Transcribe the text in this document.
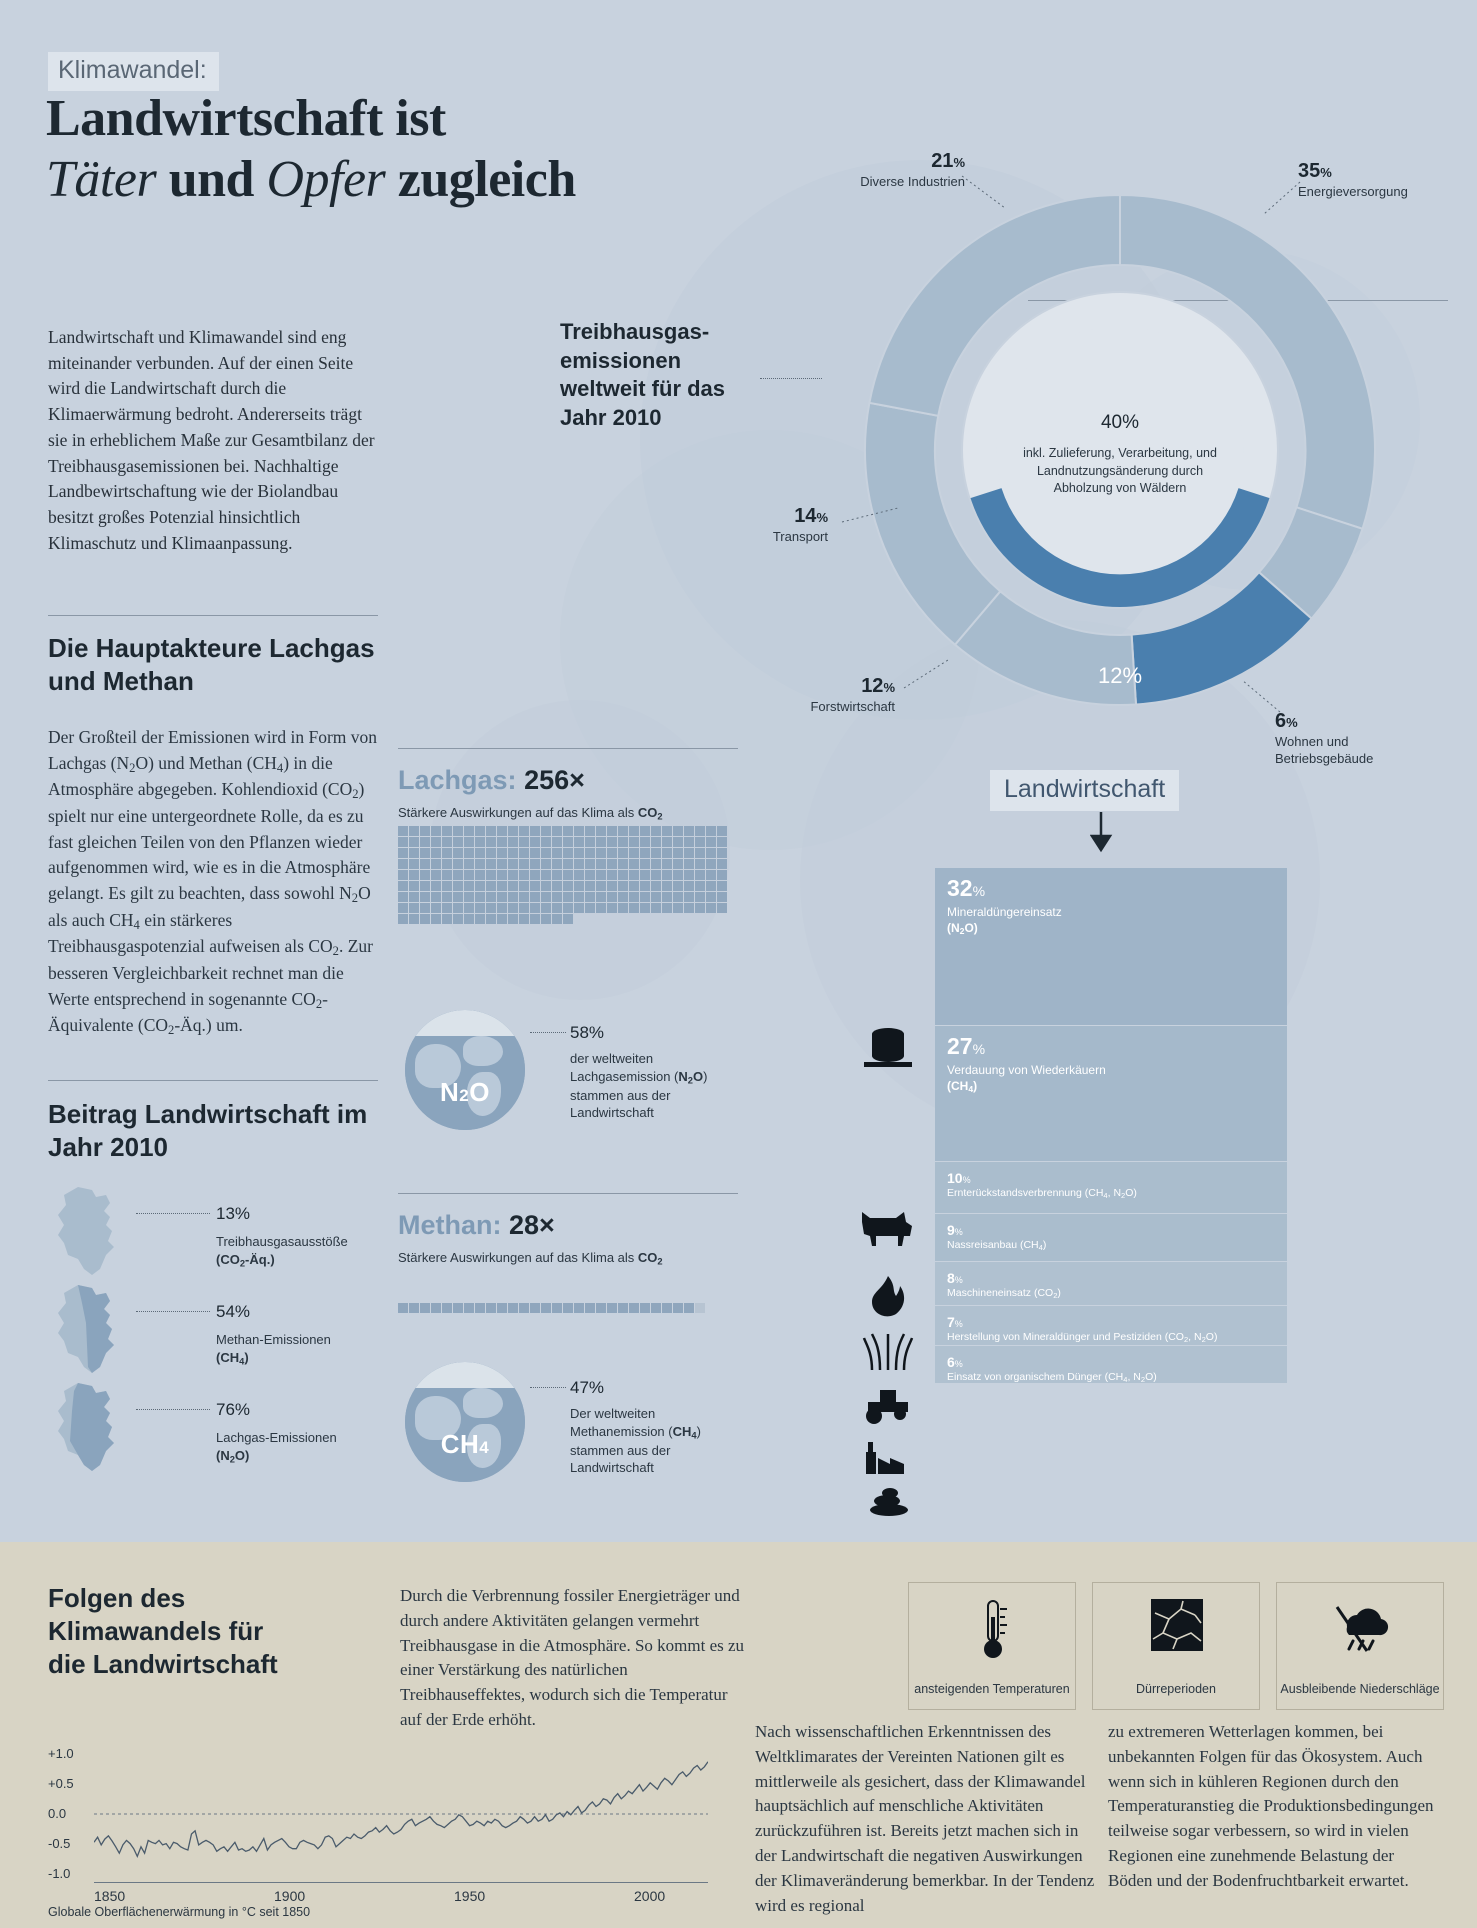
Klimawandel:
Landwirtschaft ist
Täter und Opfer zugleich
Landwirtschaft und Klimawandel sind eng miteinander verbunden. Auf der einen Seite wird die Landwirtschaft durch die Klimaerwärmung bedroht. Andererseits trägt sie in erheblichem Maße zur Gesamtbilanz der Treibhausgasemissionen bei. Nachhaltige Landbewirtschaftung wie der Biolandbau besitzt großes Potenzial hinsichtlich Klimaschutz und Klimaanpassung.
Die Hauptakteure Lachgas und Methan
Der Großteil der Emissionen wird in Form von Lachgas $(N_2O)$ und Methan $(CH_4)$ in die Atmosphäre abgegeben. Kohlendioxid $(CO_2)$ spielt nur eine untergeordnete Rolle, da es zu fast gleichen Teilen von den Pflanzen wieder aufgenommen wird, wie es in die Atmosphäre gelangt. Es gilt zu beachten, dass sowohl $N_2O$ als auch $CH_4$ ein stärkeres Treibhausgaspotenzial aufweisen als $CO_2$. Zur besseren Vergleichbarkeit rechnet man die Werte entsprechend in sogenannte $CO_2$-Äquivalente $(CO_2-Äq.)$ um.
Beitrag Landwirtschaft im Jahr 2010
13%
Treibhausgasausstöße
$(CO_2-Äq.)$
54%
Methan-Emissionen
$(CH_4)$
76%
Lachgas-Emissionen
$(N_2O)$
Lachgas: 256×
Stärkere Auswirkungen auf das Klima als $CO_2$
N2O
58%
der weltweiten Lachgasemission $(N_2O)$ stammen aus der Landwirtschaft
Methan: 28×
Stärkere Auswirkungen auf das Klima als $CO_2$
CH4
47%
Der weltweiten Methanemission $(CH_4)$ stammen aus der Landwirtschaft
Treibhausgas-emissionen weltweit für das Jahr 2010	40%
inkl. Zulieferung, Verarbeitung, und Landnutzungsänderung durch Abholzung von Wäldern
12%
21%
Diverse Industrien	35%
Energieversorgung
14%
Transport
12%
Forstwirtschaft
6%
Wohnen und Betriebsgebäude
Landwirtschaft
32%
Mineraldüngereinsatz
$(N_2O)$
27%
Verdauung von Wiederkäuern
$(CH_4)$
10%
Ernterückstandsverbrennung ($CH_4$, $N_2O$)
9%
Nassreisanbau $(CH_4)$
8%
Maschineneinsatz $(CO_2)$
7%
Herstellung von Mineraldünger und Pestiziden ($CO_2$, $N_2O$)
6%
Einsatz von organischem Dünger ($CH_4$, $N_2O$)
Folgen des Klimawandels für die Landwirtschaft
Durch die Verbrennung fossiler Energieträger und durch andere Aktivitäten gelangen vermehrt Treibhausgase in die Atmosphäre. So kommt es zu einer Verstärkung des natürlichen Treibhauseffektes, wodurch sich die Temperatur auf der Erde erhöht.
Nach wissenschaftlichen Erkenntnissen des Weltklimarates der Vereinten Nationen gilt es mittlerweile als gesichert, dass der Klimawandel hauptsächlich auf menschliche Aktivitäten zurückzuführen ist. Bereits jetzt machen sich in der Landwirtschaft die negativen Auswirkungen der Klimaveränderung bemerkbar. In der Tendenz wird es regional
zu extremeren Wetterlagen kommen, bei unbekannten Folgen für das Ökosystem. Auch wenn sich in kühleren Regionen durch den Temperaturanstieg die Produktionsbedingungen teilweise sogar verbessern, so wird in vielen Regionen eine zunehmende Belastung der Böden und der Bodenfruchtbarkeit erwartet.
ansteigenden Temperaturen	Dürreperioden	Ausbleibende Niederschläge
+1.0
+0.5
0.0
-0.5
-1.0
1850	1900	1950	2000
Globale Oberflächenerwärmung in °C seit 1850
